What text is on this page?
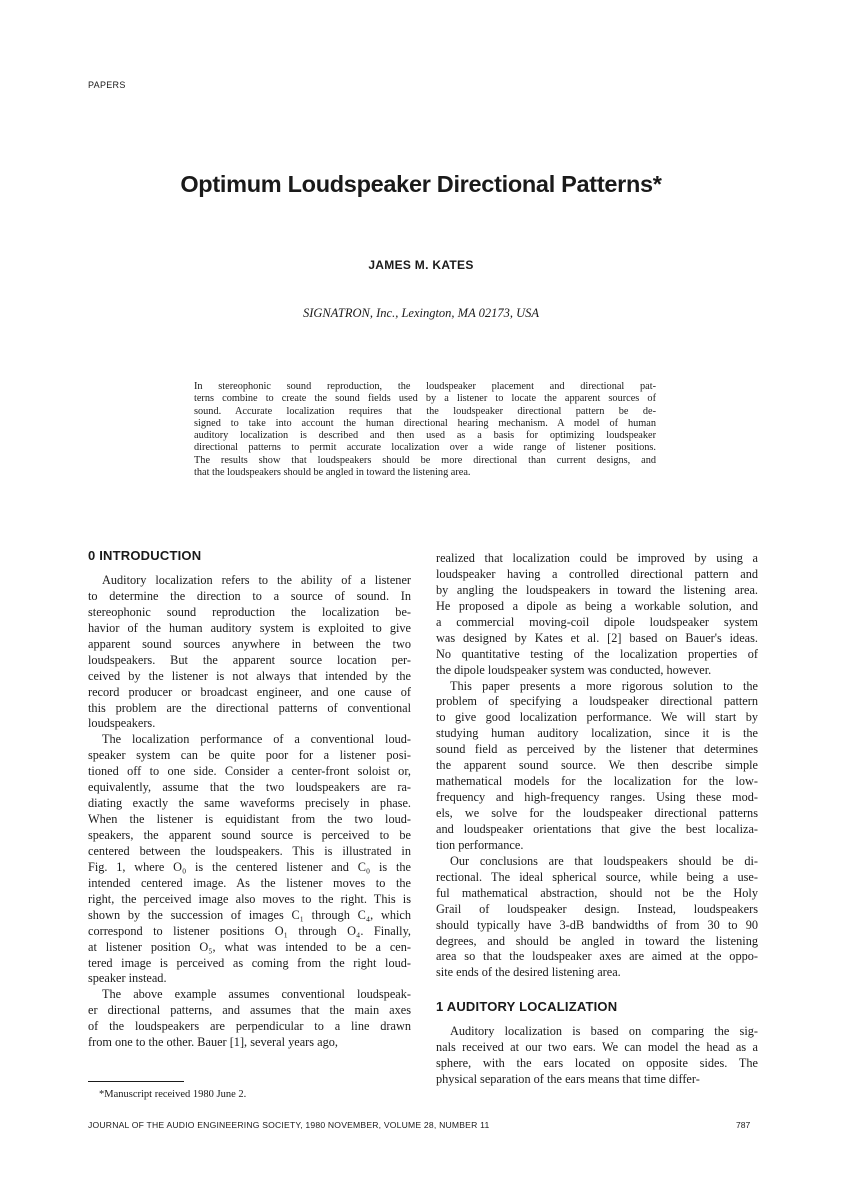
PAPERS
Optimum Loudspeaker Directional Patterns*
JAMES M. KATES
SIGNATRON, Inc., Lexington, MA 02173, USA
In stereophonic sound reproduction, the loudspeaker placement and directional pat-
terns combine to create the sound fields used by a listener to locate the apparent sources of
sound. Accurate localization requires that the loudspeaker directional pattern be de-
signed to take into account the human directional hearing mechanism. A model of human
auditory localization is described and then used as a basis for optimizing loudspeaker
directional patterns to permit accurate localization over a wide range of listener positions.
The results show that loudspeakers should be more directional than current designs, and
that the loudspeakers should be angled in toward the listening area.
0 INTRODUCTION
Auditory localization refers to the ability of a listener
to determine the direction to a source of sound. In
stereophonic sound reproduction the localization be-
havior of the human auditory system is exploited to give
apparent sound sources anywhere in between the two
loudspeakers. But the apparent source location per-
ceived by the listener is not always that intended by the
record producer or broadcast engineer, and one cause of
this problem are the directional patterns of conventional
loudspeakers.
The localization performance of a conventional loud-
speaker system can be quite poor for a listener posi-
tioned off to one side. Consider a center-front soloist or,
equivalently, assume that the two loudspeakers are ra-
diating exactly the same waveforms precisely in phase.
When the listener is equidistant from the two loud-
speakers, the apparent sound source is perceived to be
centered between the loudspeakers. This is illustrated in
Fig. 1, where O₀ is the centered listener and C₀ is the
intended centered image. As the listener moves to the
right, the perceived image also moves to the right. This is
shown by the succession of images C₁ through C₄, which
correspond to listener positions O₁ through O₄. Finally,
at listener position O₅, what was intended to be a cen-
tered image is perceived as coming from the right loud-
speaker instead.
The above example assumes conventional loudspeak-
er directional patterns, and assumes that the main axes
of the loudspeakers are perpendicular to a line drawn
from one to the other. Bauer [1], several years ago,
realized that localization could be improved by using a
loudspeaker having a controlled directional pattern and
by angling the loudspeakers in toward the listening area.
He proposed a dipole as being a workable solution, and
a commercial moving-coil dipole loudspeaker system
was designed by Kates et al. [2] based on Bauer's ideas.
No quantitative testing of the localization properties of
the dipole loudspeaker system was conducted, however.
This paper presents a more rigorous solution to the
problem of specifying a loudspeaker directional pattern
to give good localization performance. We will start by
studying human auditory localization, since it is the
sound field as perceived by the listener that determines
the apparent sound source. We then describe simple
mathematical models for the localization for the low-
frequency and high-frequency ranges. Using these mod-
els, we solve for the loudspeaker directional patterns
and loudspeaker orientations that give the best localiza-
tion performance.
Our conclusions are that loudspeakers should be di-
rectional. The ideal spherical source, while being a use-
ful mathematical abstraction, should not be the Holy
Grail of loudspeaker design. Instead, loudspeakers
should typically have 3-dB bandwidths of from 30 to 90
degrees, and should be angled in toward the listening
area so that the loudspeaker axes are aimed at the oppo-
site ends of the desired listening area.
1 AUDITORY LOCALIZATION
Auditory localization is based on comparing the sig-
nals received at our two ears. We can model the head as a
sphere, with the ears located on opposite sides. The
physical separation of the ears means that time differ-
*Manuscript received 1980 June 2.
JOURNAL OF THE AUDIO ENGINEERING SOCIETY, 1980 NOVEMBER, VOLUME 28, NUMBER 11	787
